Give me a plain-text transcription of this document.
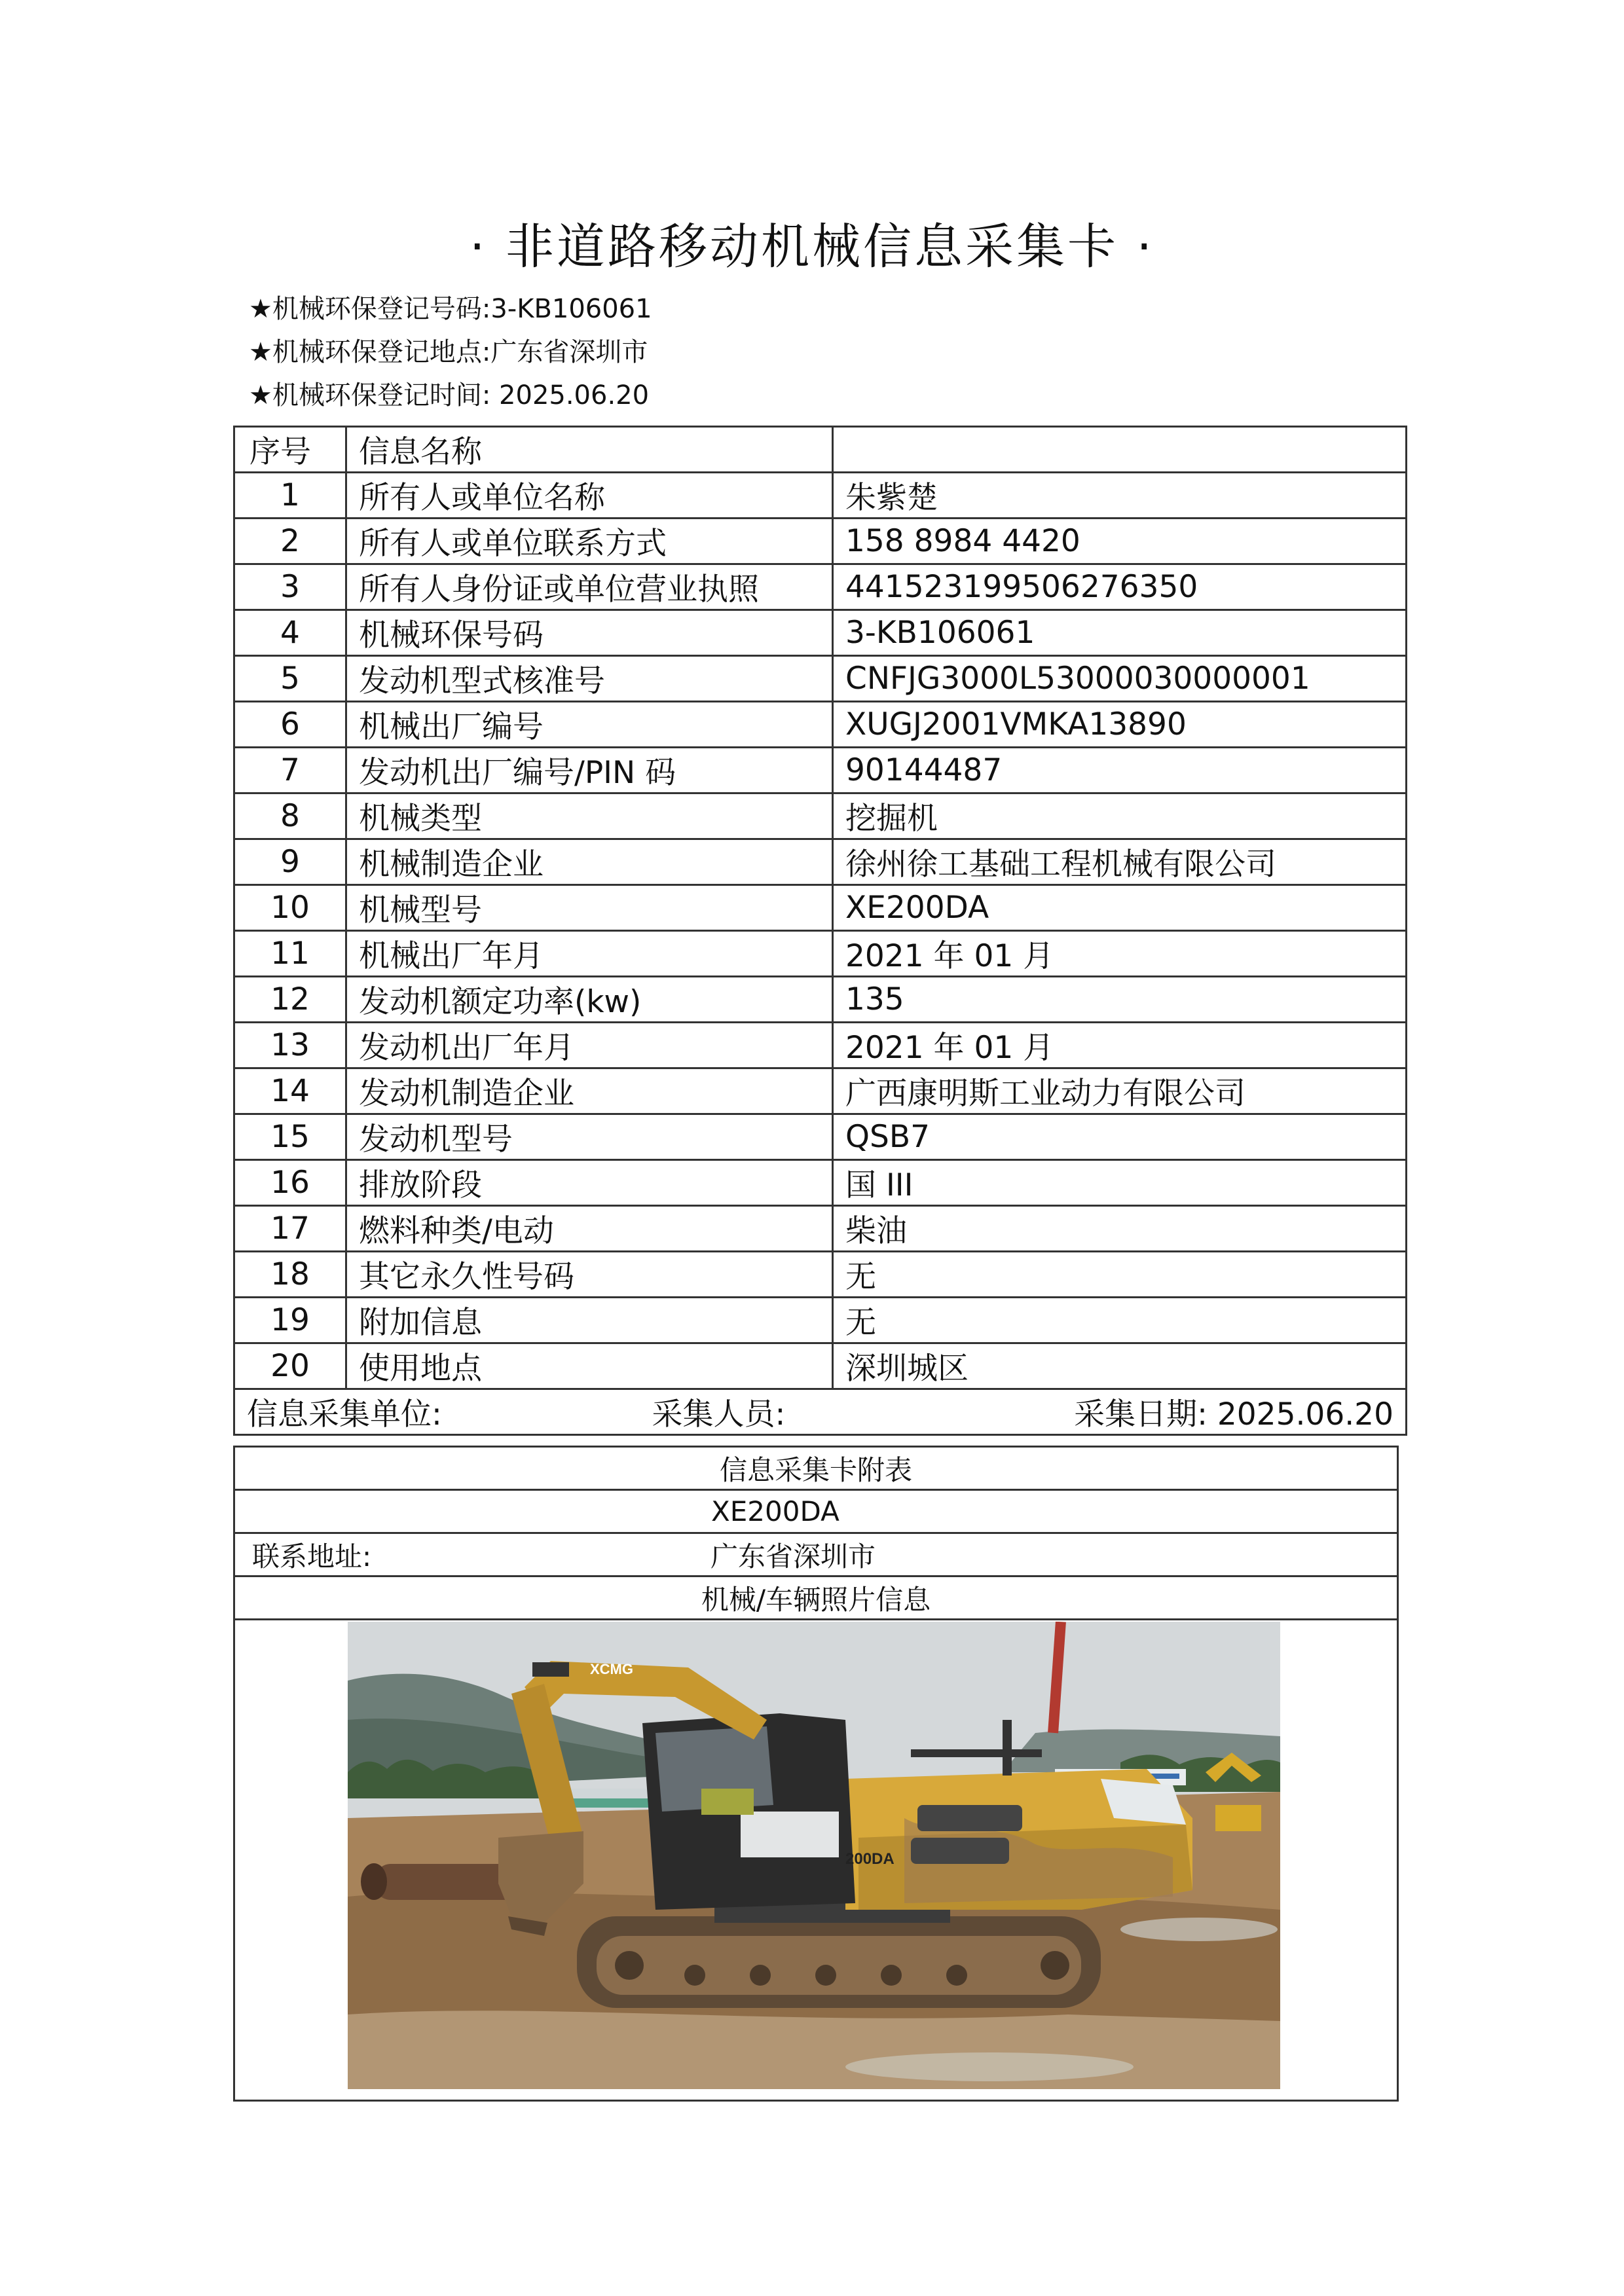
· 非道路移动机械信息采集卡 ·
★机械环保登记号码:3-KB106061
★机械环保登记地点:广东省深圳市
★机械环保登记时间: 2025.06.20
序号	信息名称	
1	所有人或单位名称	朱紫楚
2	所有人或单位联系方式	158 8984 4420
3	所有人身份证或单位营业执照	441523199506276350
4	机械环保号码	3-KB106061
5	发动机型式核准号	CNFJG3000L53000030000001
6	机械出厂编号	XUGJ2001VMKA13890
7	发动机出厂编号/PIN 码	90144487
8	机械类型	挖掘机
9	机械制造企业	徐州徐工基础工程机械有限公司
10	机械型号	XE200DA
11	机械出厂年月	2021 年 01 月
12	发动机额定功率(kw)	135
13	发动机出厂年月	2021 年 01 月
14	发动机制造企业	广西康明斯工业动力有限公司
15	发动机型号	QSB7
16	排放阶段	国 III
17	燃料种类/电动	柴油
18	其它永久性号码	无
19	附加信息	无
20	使用地点	深圳城区

信息采集单位: 采集人员: 采集日期: 2025.06.20		
信息采集卡附表
XE200DA
联系地址:	广东省深圳市
机械/车辆照片信息
XCMG
200DA
